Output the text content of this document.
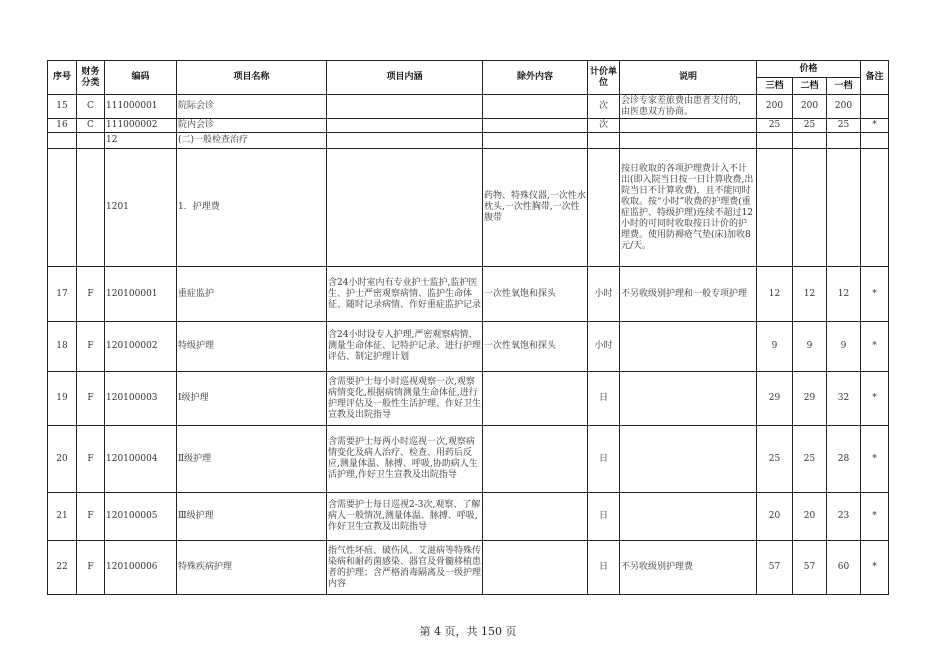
序号	财务分类	编码	项目名称	项目内涵	除外内容	计价单位	说明	价格			备注
								三档	二档	一档	
15	C	111000001	院际会诊			次	会诊专家差旅费由患者支付的，由医患双方协商。	200	200	200	
16	C	111000002	院内会诊			次		25	25	25	*
		12	(二)一般检查治疗								
		1201	1．护理费		药物、特殊仪器,一次性水枕头,一次性胸带,一次性腹带		按日收取的各项护理费计入不计出(即入院当日按一日计算收费,出院当日不计算收费)，且不能同时收取。按“小时”收费的护理费(重症监护、特级护理)连续不超过12小时的可同时收取按日计价的护理费。使用防褥疮气垫(床)加收8元/天。				
17	F	120100001	重症监护	含24小时室内有专业护士监护,监护医生、护士严密观察病情、监护生命体征、随时记录病情、作好重症监护记录	一次性氧饱和探头	小时	不另收级别护理和一般专项护理	12	12	12	*
18	F	120100002	特级护理	含24小时设专人护理,严密观察病情、测量生命体征、记特护记录、进行护理评估、制定护理计划	一次性氧饱和探头	小时		9	9	9	*
19	F	120100003	Ⅰ级护理	含需要护士每小时巡视观察一次,观察病情变化,根据病情测量生命体征,进行护理评估及一般性生活护理、作好卫生宣教及出院指导		日		29	29	32	*
20	F	120100004	Ⅱ级护理	含需要护士每两小时巡视一次,观察病情变化及病人治疗、检查、用药后反应,测量体温、脉搏、呼吸,协助病人生活护理,作好卫生宣教及出院指导		日		25	25	28	*
21	F	120100005	Ⅲ级护理	含需要护士每日巡视2-3次,观察、了解病人一般情况,测量体温、脉搏、呼吸,作好卫生宣教及出院指导		日		20	20	23	*
22	F	120100006	特殊疾病护理	指气性坏疽、破伤风、艾滋病等特殊传染病和耐药菌感染、器官及骨髓移植患者的护理；含严格消毒隔离及一级护理内容		日	不另收级别护理费	57	57	60	*
第 4 页，共 150 页
